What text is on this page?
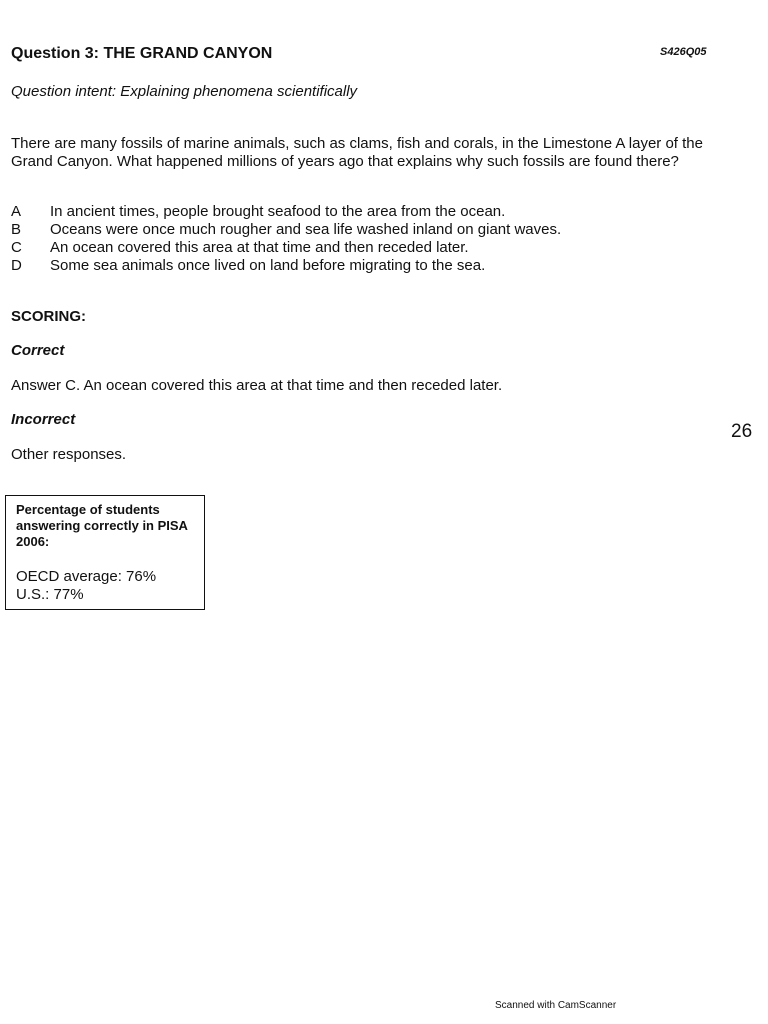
Question 3: THE GRAND CANYON	S426Q05
Question intent: Explaining phenomena scientifically
There are many fossils of marine animals, such as clams, fish and corals, in the Limestone A layer of the Grand Canyon. What happened millions of years ago that explains why such fossils are found there?
A	In ancient times, people brought seafood to the area from the ocean.
B	Oceans were once much rougher and sea life washed inland on giant waves.
C	An ocean covered this area at that time and then receded later.
D	Some sea animals once lived on land before migrating to the sea.
SCORING:
Correct
Answer C. An ocean covered this area at that time and then receded later.
Incorrect
26
Other responses.
Percentage of students answering correctly in PISA 2006:
OECD average: 76%
U.S.: 77%
Scanned with CamScanner
